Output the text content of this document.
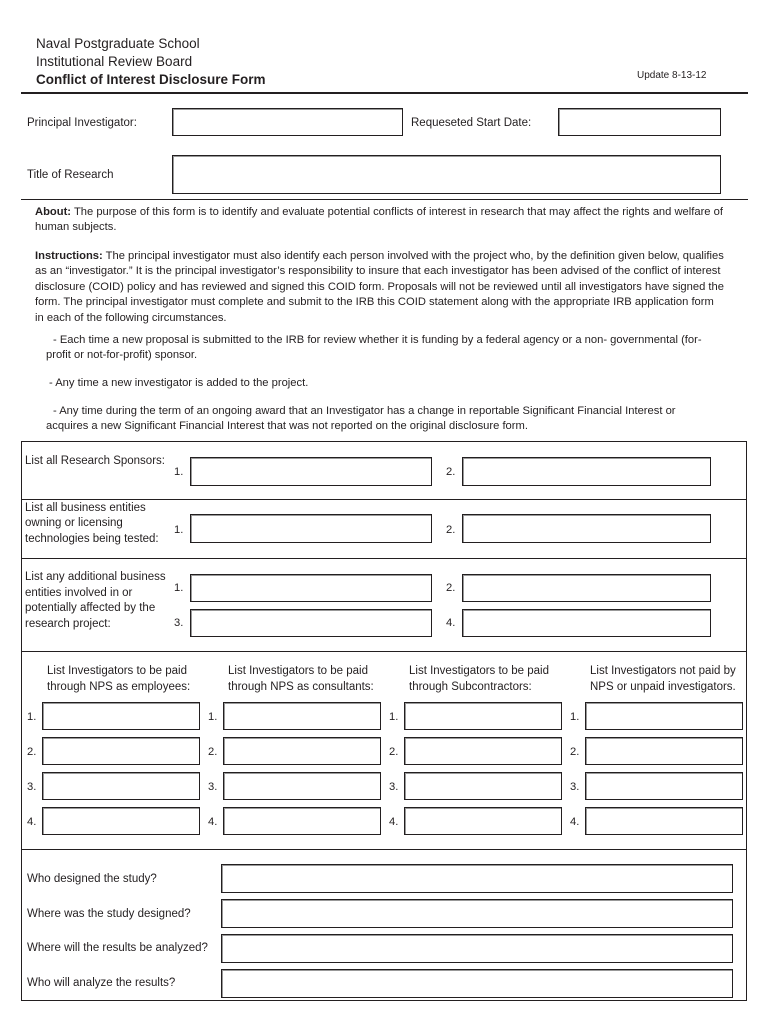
Naval Postgraduate School
Institutional Review Board
Conflict of Interest Disclosure Form	Update 8-13-12
Principal Investigator:	Requeseted Start Date:
Title of Research
About: The purpose of this form is to identify and evaluate potential conflicts of interest in research that may affect the rights and welfare of human subjects.
Instructions: The principal investigator must also identify each person involved with the project who, by the definition given below, qualifies as an “investigator.” It is the principal investigator’s responsibility to insure that each investigator has been advised of the conflict of interest disclosure (COID) policy and has reviewed and signed this COID form. Proposals will not be reviewed until all investigators have signed the form. The principal investigator must complete and submit to the IRB this COID statement along with the appropriate IRB application form in each of the following circumstances.
- Each time a new proposal is submitted to the IRB for review whether it is funding by a federal agency or a non- governmental (for-profit or not-for-profit) sponsor.
- Any time a new investigator is added to the project.
- Any time during the term of an ongoing award that an Investigator has a change in reportable Significant Financial Interest or acquires a new Significant Financial Interest that was not reported on the original disclosure form.
List all Research Sponsors:
1.	2.
List all business entities
owning or licensing
technologies being tested:
1.	2.
List any additional business
entities involved in or
potentially affected by the
research project:
1.	2.
3.	4.
List Investigators to be paid
through NPS as employees:
List Investigators to be paid
through NPS as consultants:
List Investigators to be paid
through Subcontractors:
List Investigators not paid by
NPS or unpaid investigators.
1.	1.	1.	1.
2.	2.	2.	2.
3.	3.	3.	3.
4.	4.	4.	4.
Who designed the study?
Where was the study designed?
Where will the results be analyzed?
Who will analyze the results?
